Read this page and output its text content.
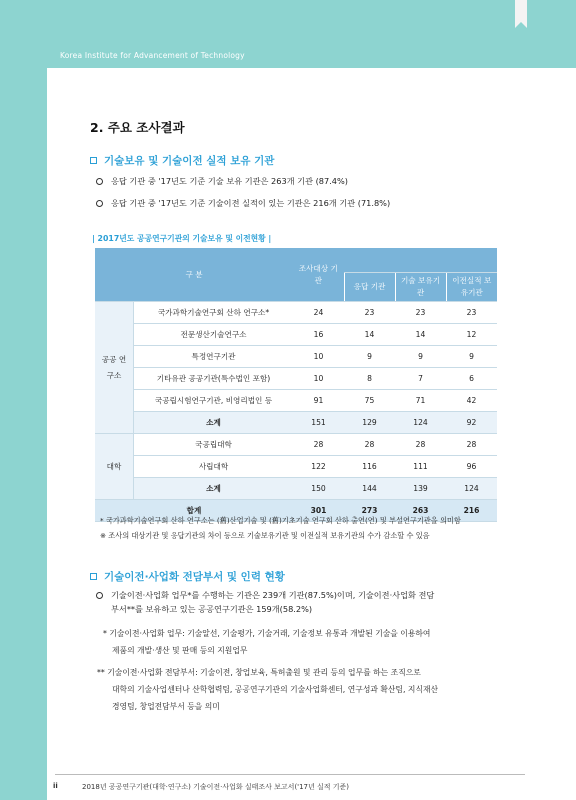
Korea Institute for Advancement of Technology
2. 주요 조사결과
기술보유 및 기술이전 실적 보유 기관
응답 기관 중 '17년도 기준 기술 보유 기관은 263개 기관 (87.4%)
응답 기관 중 '17년도 기준 기술이전 실적이 있는 기관은 216개 기관 (71.8%)
| 2017년도 공공연구기관의 기술보유 및 이전현황 |
구 분		조사대상 기관			
			응답 기관	기술 보유기관	이전실적 보유기관
공공 연구소	국가과학기술연구회 산하 연구소*	24	23	23	23
	전문생산기술연구소	16	14	14	12
	특정연구기관	10	9	9	9
	기타유관 공공기관(특수법인 포함)	10	8	7	6
	국공립시험연구기관, 비영리법인 등	91	75	71	42
	소계	151	129	124	92
대학	국공립대학	28	28	28	28
	사립대학	122	116	111	96
	소계	150	144	139	124
합계		301	273	263	216
* 국가과학기술연구회 산하 연구소는 (舊)산업기술 및 (舊)기초기술 연구회 산하 출연(연) 및 부설연구기관을 의미함
※ 조사의 대상기관 및 응답기관의 차이 등으로 기술보유기관 및 이전실적 보유기관의 수가 감소할 수 있음
기술이전·사업화 전담부서 및 인력 현황
기술이전·사업화 업무*를 수행하는 기관은 239개 기관(87.5%)이며, 기술이전·사업화 전담
부서**를 보유하고 있는 공공연구기관은 159개(58.2%)
* 기술이전·사업화 업무: 기술알선, 기술평가, 기술거래, 기술정보 유통과 개발된 기술을 이용하여
제품의 개발·생산 및 판매 등의 지원업무
** 기술이전·사업화 전담부서: 기술이전, 창업보육, 특허출원 및 관리 등의 업무를 하는 조직으로
대학의 기술사업센터나 산학협력팀, 공공연구기관의 기술사업화센터, 연구성과 확산팀, 지식재산
경영팀, 창업전담부서 등을 의미
ii	2018년 공공연구기관(대학·연구소) 기술이전·사업화 실태조사 보고서('17년 실적 기준)
